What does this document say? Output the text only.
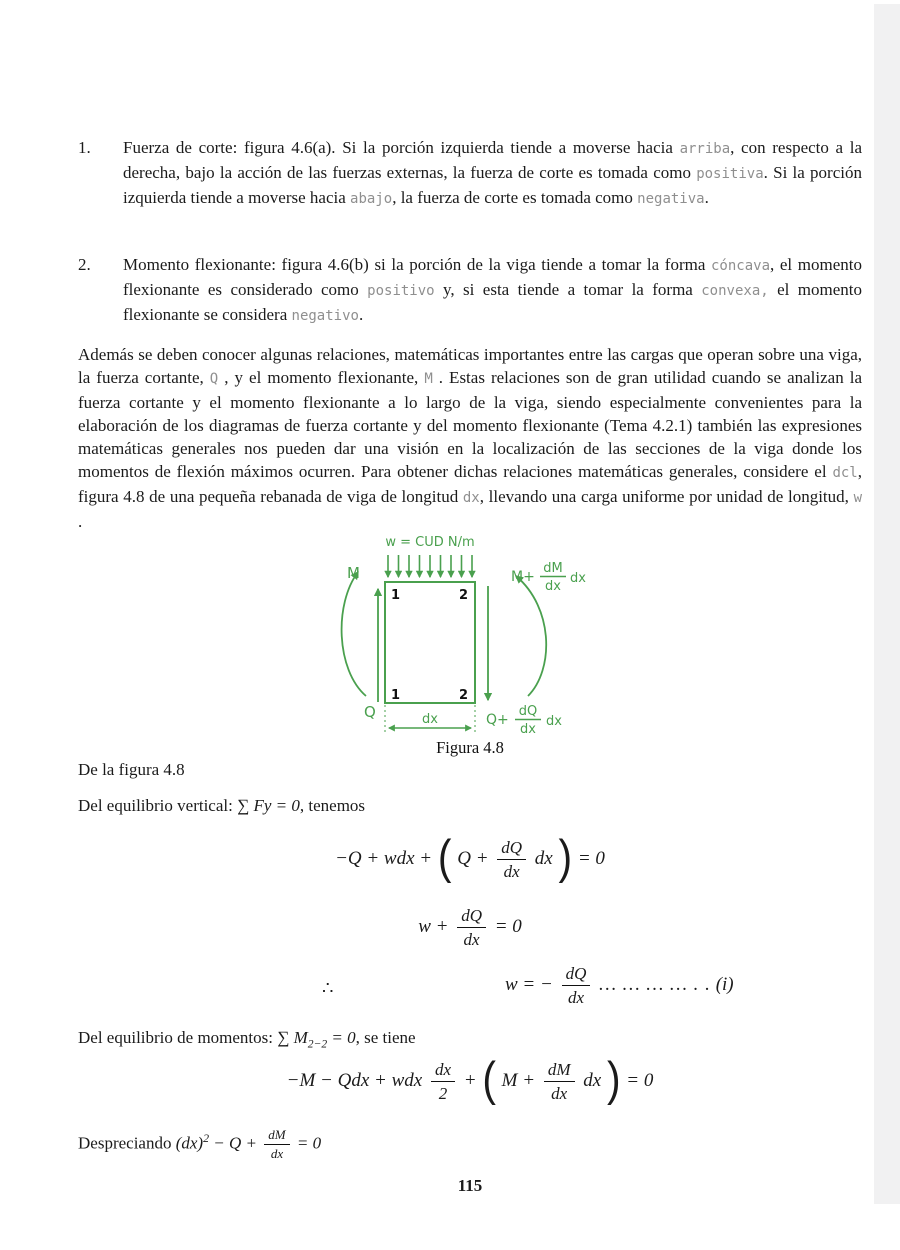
1. Fuerza de corte: figura 4.6(a). Si la porción izquierda tiende a moverse hacia arriba, con respecto a la derecha, bajo la acción de las fuerzas externas, la fuerza de corte es tomada como positiva. Si la porción izquierda tiende a moverse hacia abajo, la fuerza de corte es tomada como negativa.
2. Momento flexionante: figura 4.6(b) si la porción de la viga tiende a tomar la forma cóncava, el momento flexionante es considerado como positivo y, si esta tiende a tomar la forma convexa, el momento flexionante se considera negativo.
Además se deben conocer algunas relaciones, matemáticas importantes entre las cargas que operan sobre una viga, la fuerza cortante, Q , y el momento flexionante, M . Estas relaciones son de gran utilidad cuando se analizan la fuerza cortante y el momento flexionante a lo largo de la viga, siendo especialmente convenientes para la elaboración de los diagramas de fuerza cortante y del momento flexionante (Tema 4.2.1) también las expresiones matemáticas generales nos pueden dar una visión en la localización de las secciones de la viga donde los momentos de flexión máximos ocurren. Para obtener dichas relaciones matemáticas generales, considere el dcl, figura 4.8 de una pequeña rebanada de viga de longitud dx, llevando una carga uniforme por unidad de longitud, w .
w = CUD N/m
1	2
1	2
M
Q
M+
dM
dx
dx
Q+
dQ
dx
dx
dx
Figura 4.8
De la figura 4.8
Del equilibrio vertical: ∑ Fy = 0, tenemos
−Q + wdx + ( $Q + \frac{dQ}{dx}$ dx ) = 0
$w + \frac{dQ}{dx} = 0$
∴	w = − $\frac{dQ}{dx}$ … … … … . . (i)
Del equilibrio de momentos: ∑ $M_{2-2} = 0$, se tiene
−M − Qdx + wdx $\frac{dx}{2}$ + ( $M + \frac{dM}{dx}$ dx ) = 0
Despreciando $(dx)^2 - Q + \frac{dM}{dx} = 0$
115
